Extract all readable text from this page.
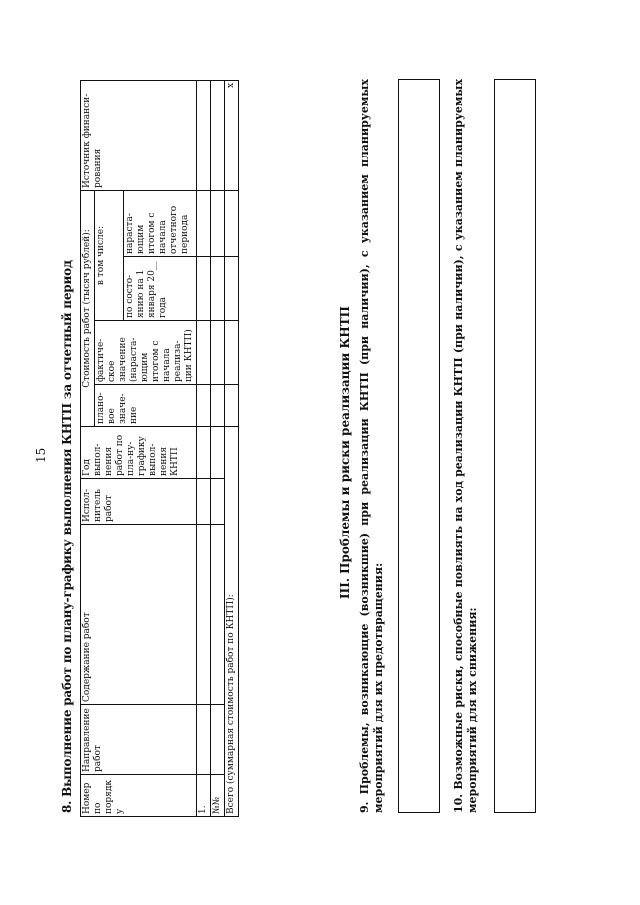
15 8. Выполнение работ по плану-графику выполнения КНТП за отчетный период Номер по порядку	Направление работ	Содержание работ	Испол-нитель работ	Год выпол-нения работ по пла-ну-графику выпол-нения КНТП	Стоимость работ (тысяч рублей):				Источник финанси-рования
					плано-вое значе-ние	фактиче-ское значение (нараста-ющим итогом с начала реализа-ции КНТП)	в том числе:		
							по состо-янию на 1 января 20__ года	нараста-ющим итогом с начала отчетного периода	
1.									
№№									
Всего (суммарная стоимость работ по КНТП):									x
III. Проблемы и риски реализации КНТП 9. Проблемы, возникающие (возникшие) при реализации КНТП (при наличии), с указанием планируемых мероприятий для их предотвращения:	10. Возможные риски, способные повлиять на ход реализации КНТП (при наличии), с указанием планируемых мероприятий для их снижения:
